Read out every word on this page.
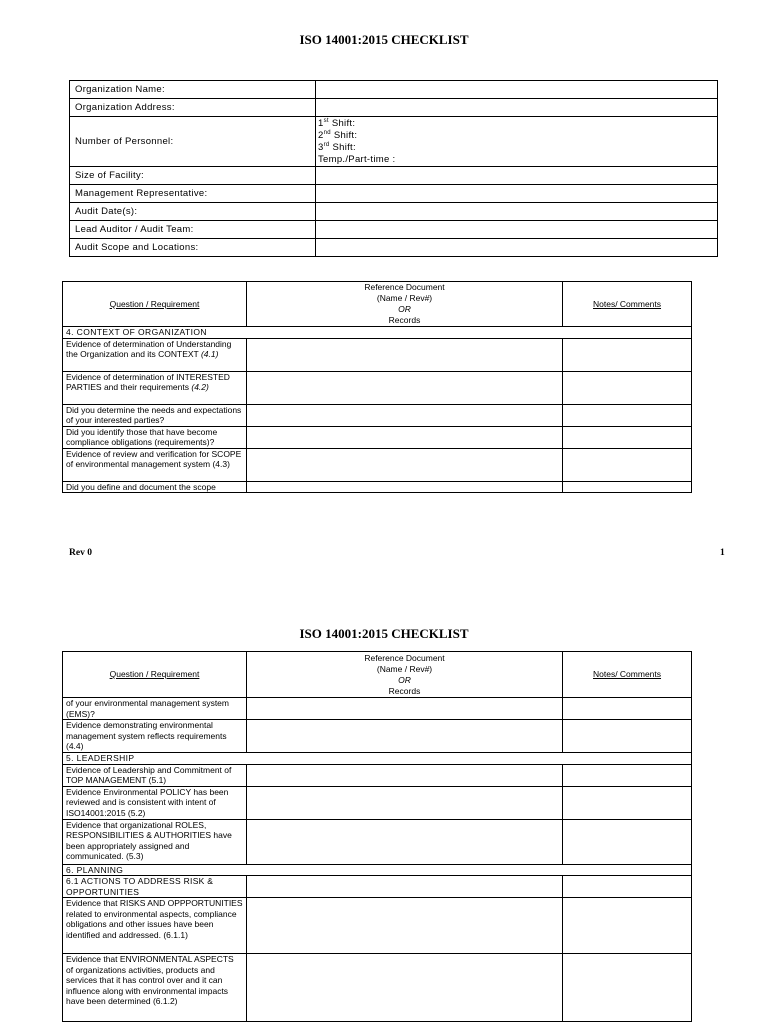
ISO 14001:2015 CHECKLIST
Organization Name:	
Organization Address:	
Number of Personnel:	1st Shift:
2nd Shift:
3rd Shift:
Temp./Part-time :

Size of Facility:	
Management Representative:	
Audit Date(s):	
Lead Auditor / Audit Team:	
Audit Scope and Locations:	
Question / Requirement	Reference Document
(Name / Rev#)
OR
Records	Notes/ Comments
4. CONTEXT OF ORGANIZATION		
Evidence of determination of Understanding the Organization and its CONTEXT (4.1)		
Evidence of determination of INTERESTED PARTIES and their requirements (4.2)		
Did you determine the needs and expectations of your interested parties?		
Did you identify those that have become compliance obligations (requirements)?		
Evidence of review and verification for SCOPE of environmental management system (4.3)		
Did you define and document the scope		
Rev 0	1
ISO 14001:2015 CHECKLIST
Question / Requirement	Reference Document
(Name / Rev#)
OR
Records	Notes/ Comments
of your environmental management system (EMS)?		
Evidence demonstrating environmental management system reflects requirements (4.4)		
5. LEADERSHIP		
Evidence of Leadership and Commitment of TOP MANAGEMENT (5.1)		
Evidence Environmental POLICY has been reviewed and is consistent with intent of ISO14001:2015 (5.2)		
Evidence that organizational ROLES, RESPONSIBILITIES & AUTHORITIES have been appropriately assigned and communicated. (5.3)		
6. PLANNING		
6.1 ACTIONS TO ADDRESS RISK & OPPORTUNITIES		
Evidence that RISKS AND OPPPORTUNITIES related to environmental aspects, compliance obligations and other issues have been identified and addressed. (6.1.1)		
Evidence that ENVIRONMENTAL ASPECTS of organizations activities, products and services that it has control over and it can influence along with environmental impacts have been determined (6.1.2)		
